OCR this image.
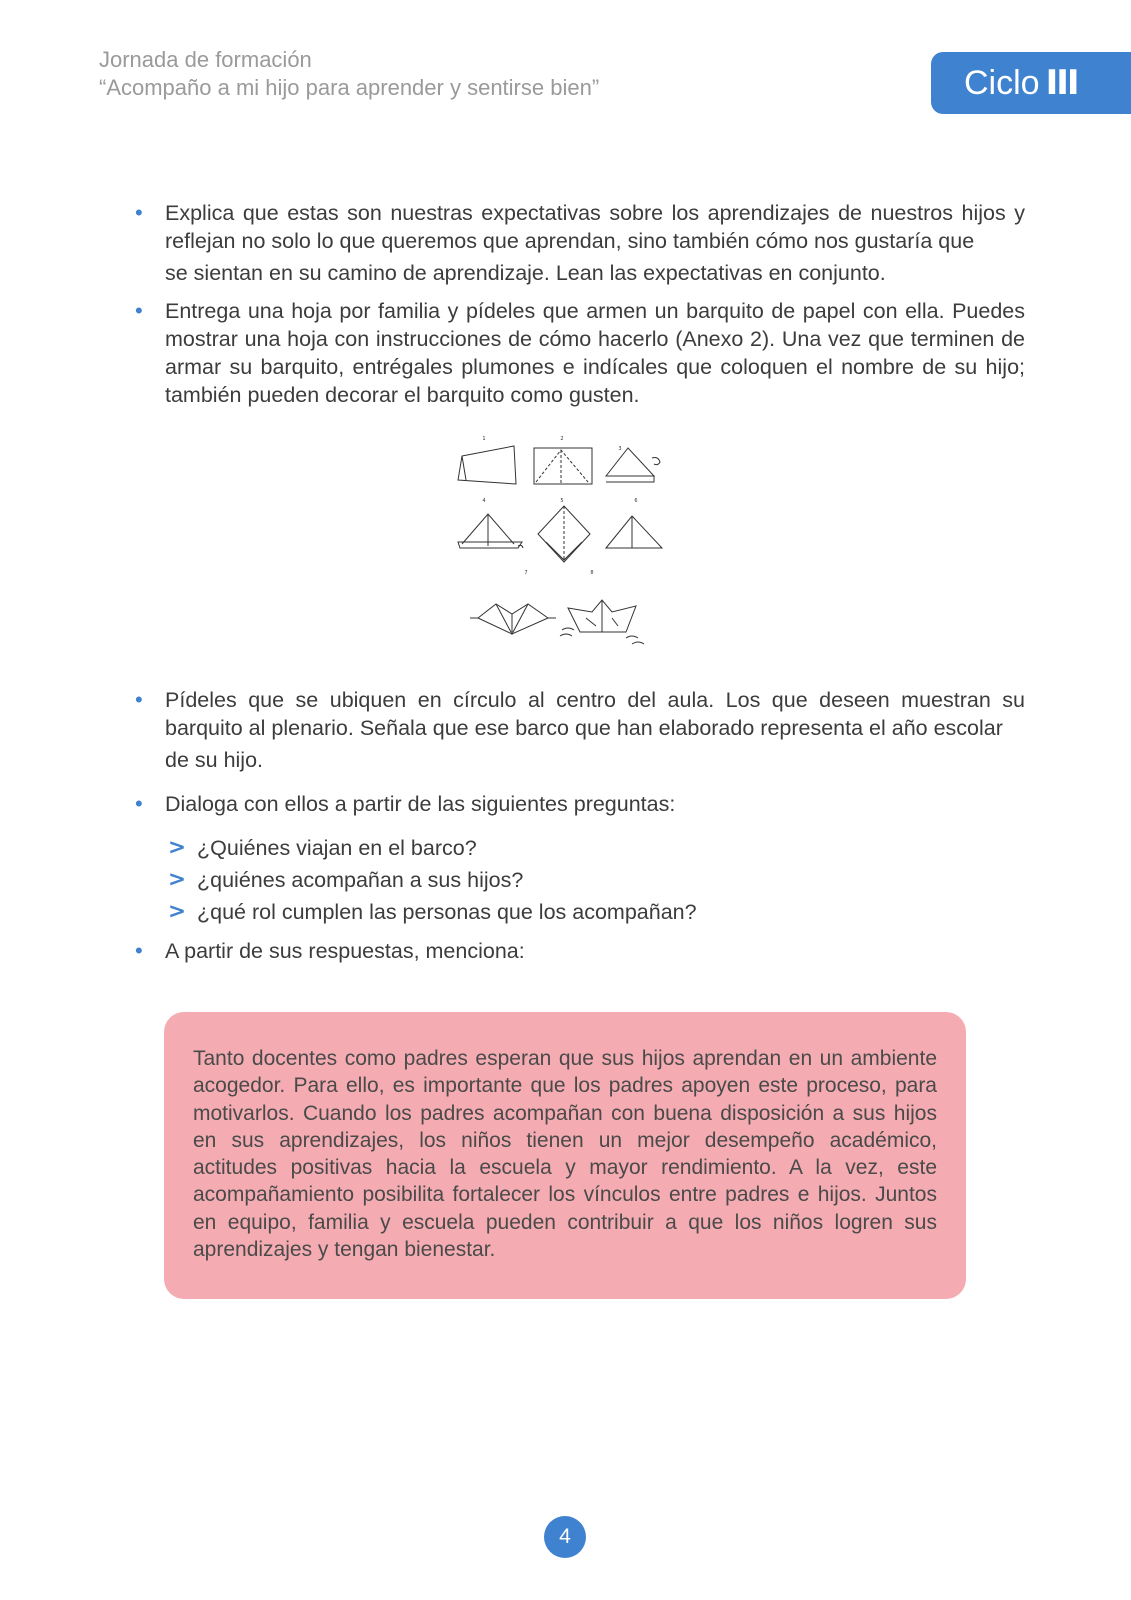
Jornada de formación
“Acompaño a mi hijo para aprender y sentirse bien”	Ciclo III
• Explica que estas son nuestras expectativas sobre los aprendizajes de nuestros hijos y reflejan no solo lo que queremos que aprendan, sino también cómo nos gustaría que
se sientan en su camino de aprendizaje. Lean las expectativas en conjunto.
• Entrega una hoja por familia y pídeles que armen un barquito de papel con ella. Puedes mostrar una hoja con instrucciones de cómo hacerlo (Anexo 2). Una vez que terminen de armar su barquito, entrégales plumones e indícales que coloquen el nombre de su hijo; también pueden decorar el barquito como gusten.
1	2
3
4	5	6
7	8
• Pídeles que se ubiquen en círculo al centro del aula. Los que deseen muestran su barquito al plenario. Señala que ese barco que han elaborado representa el año escolar
de su hijo.
• Dialoga con ellos a partir de las siguientes preguntas:
> ¿Quiénes viajan en el barco?
> ¿quiénes acompañan a sus hijos?
> ¿qué rol cumplen las personas que los acompañan?
• A partir de sus respuestas, menciona:

Tanto docentes como padres esperan que sus hijos aprendan en un ambiente acogedor. Para ello, es importante que los padres apoyen este proceso, para motivarlos. Cuando los padres acompañan con buena disposición a sus hijos en sus aprendizajes, los niños tienen un mejor desempeño académico, actitudes positivas hacia la escuela y mayor rendimiento. A la vez, este acompañamiento posibilita fortalecer los vínculos entre padres e hijos. Juntos en equipo, familia y escuela pueden contribuir a que los niños logren sus aprendizajes y tengan bienestar.

4
